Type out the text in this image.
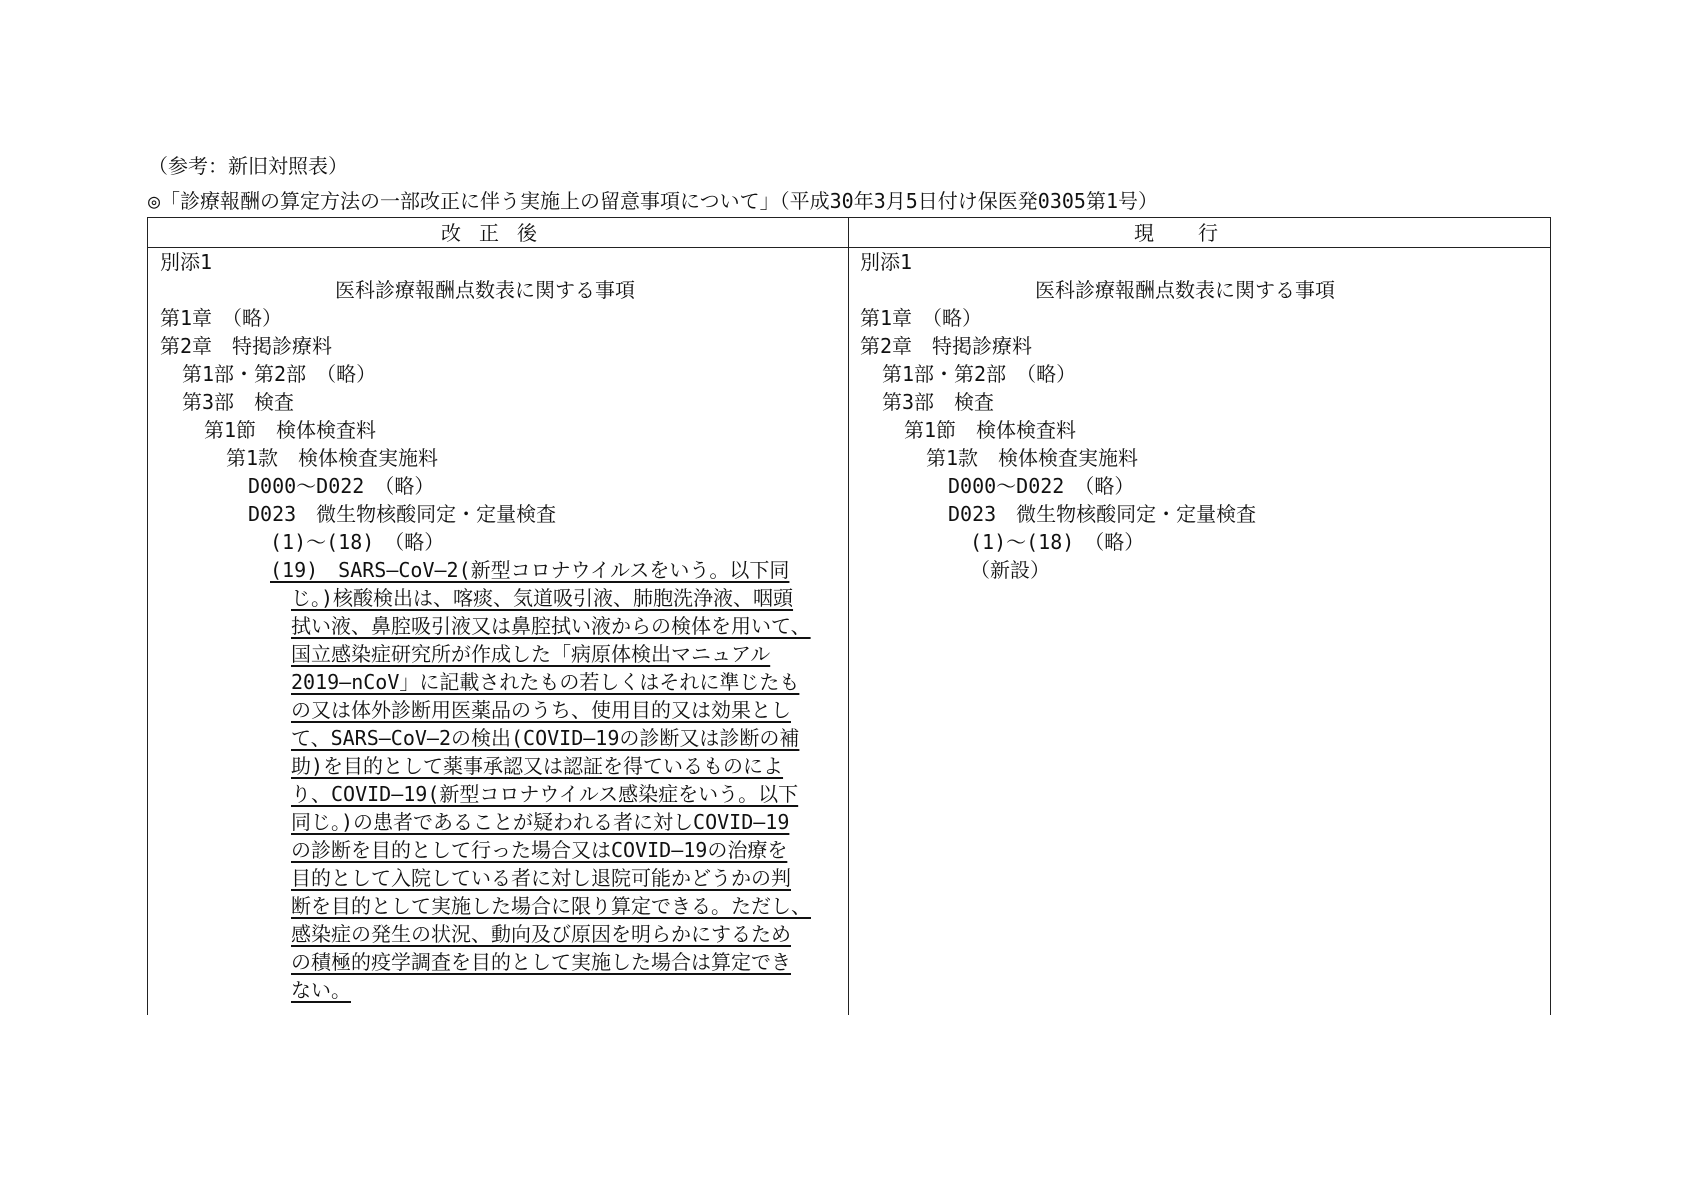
（参考：新旧対照表）
◎「診療報酬の算定方法の一部改正に伴う実施上の留意事項について」（平成30年3月5日付け保医発0305第1号）
改正後	現行
別添1
医科診療報酬点数表に関する事項
第1章　（略）
第2章　特掲診療料
第1部・第2部　（略）
第3部　検査
第1節　検体検査料
第1款　検体検査実施料
D000～D022　（略）
D023　微生物核酸同定・定量検査
(1)～(18)　（略）
(19)　SARS―CoV―2(新型コロナウイルスをいう。以下同
じ。)核酸検出は、喀痰、気道吸引液、肺胞洗浄液、咽頭
拭い液、鼻腔吸引液又は鼻腔拭い液からの検体を用いて、
国立感染症研究所が作成した「病原体検出マニュアル
2019―nCoV」に記載されたもの若しくはそれに準じたも
の又は体外診断用医薬品のうち、使用目的又は効果とし
て、SARS―CoV―2の検出(COVID―19の診断又は診断の補
助)を目的として薬事承認又は認証を得ているものによ
り、COVID―19(新型コロナウイルス感染症をいう。以下
同じ。)の患者であることが疑われる者に対しCOVID―19
の診断を目的として行った場合又はCOVID―19の治療を
目的として入院している者に対し退院可能かどうかの判
断を目的として実施した場合に限り算定できる。ただし、
感染症の発生の状況、動向及び原因を明らかにするため
の積極的疫学調査を目的として実施した場合は算定でき
ない。
別添1
医科診療報酬点数表に関する事項
第1章　（略）
第2章　特掲診療料
第1部・第2部　（略）
第3部　検査
第1節　検体検査料
第1款　検体検査実施料
D000～D022　（略）
D023　微生物核酸同定・定量検査
(1)～(18)　（略）
（新設）
